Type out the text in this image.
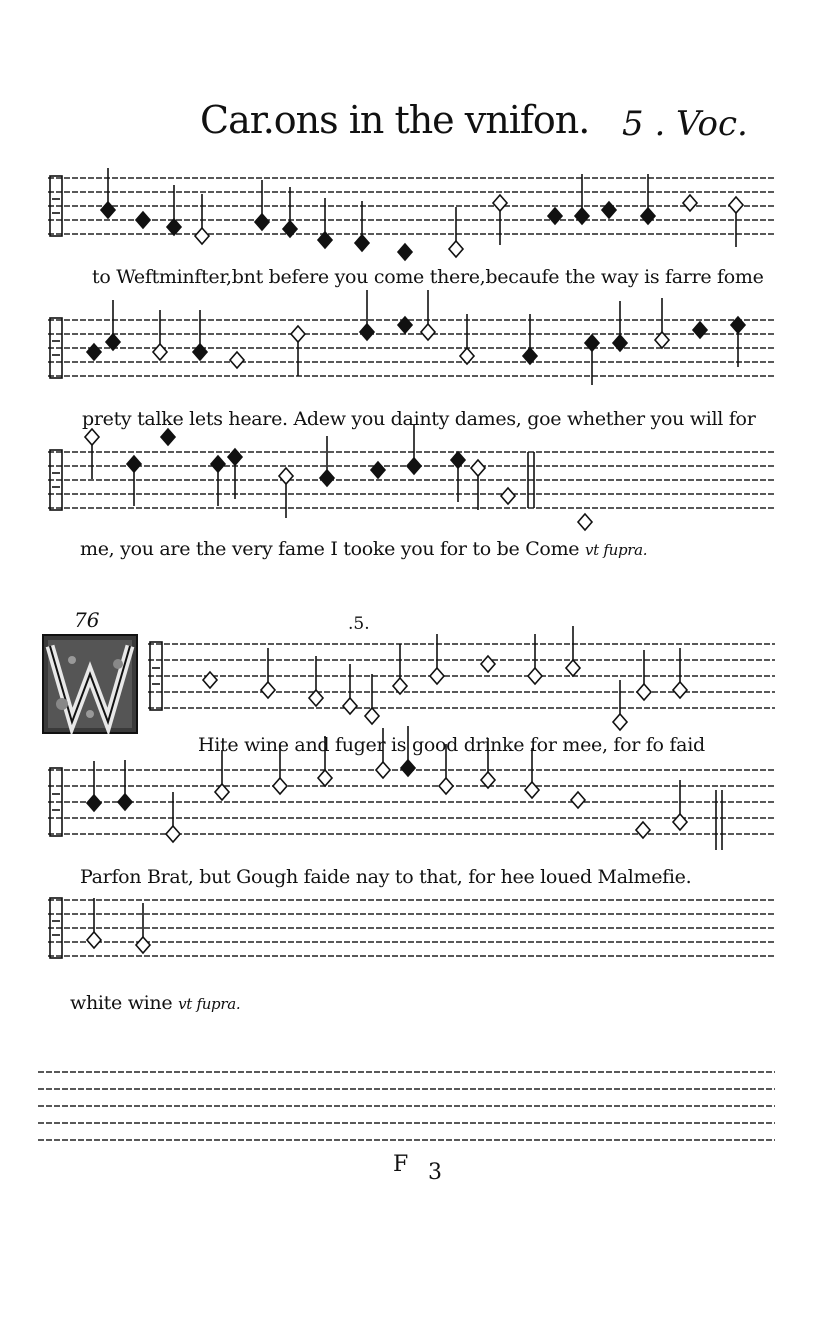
Car.ons in the vnifon. 5 . Voc.
to Weftminfter,bnt befere you come there,becaufe the way is farre fome
prety talke lets heare. Adew you dainty dames, goe whether you will for
me, you are the very fame I tooke you for to be Come vt fupra.
76	.5.
Hite wine and fuger is good drinke for mee, for fo faid
Parfon Brat, but Gough faide nay to that, for hee loued Malmefie.
white wine vt fupra.
F 3
